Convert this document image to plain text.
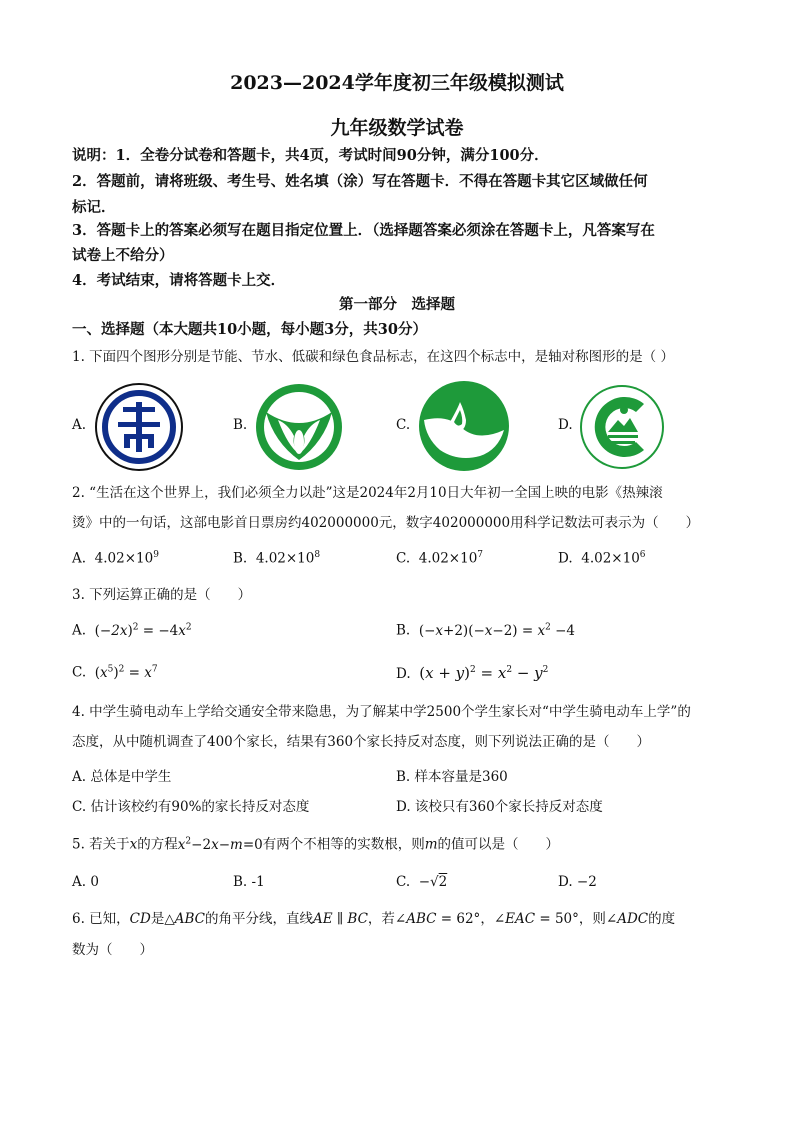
2023—2024学年度初三年级模拟测试
九年级数学试卷
说明：1．全卷分试卷和答题卡，共4页，考试时间90分钟，满分100分．
2．答题前，请将班级、考生号、姓名填（涂）写在答题卡．不得在答题卡其它区域做任何
标记．
3．答题卡上的答案必须写在题目指定位置上．（选择题答案必须涂在答题卡上，凡答案写在
试卷上不给分）
4．考试结束，请将答题卡上交．
第一部分　选择题
一、选择题（本大题共10小题，每小题3分，共30分）
1. 下面四个图形分别是节能、节水、低碳和绿色食品标志，在这四个标志中，是轴对称图形的是（ ）
A.	B.	C.	D.
2. “生活在这个世界上，我们必须全力以赴”这是2024年2月10日大年初一全国上映的电影《热辣滚
烫》中的一句话，这部电影首日票房约402000000元，数字402000000用科学记数法可表示为（　　）
A. $4.02\times 10^9$	B. $4.02\times 10^8$	C. $4.02\times 10^7$	D. $4.02\times 10^6$
3. 下列运算正确的是（　　）
A. $(-2x)^2 = -4x^2$	B. $(-x+2)(-x-2) = x^2 -4$
C. $(x^5)^2 = x^7$	D. $(x + y)^2 = x^2 - y^2$
4. 中学生骑电动车上学给交通安全带来隐患，为了解某中学2500个学生家长对“中学生骑电动车上学”的
态度，从中随机调查了400个家长，结果有360个家长持反对态度，则下列说法正确的是（　　）
A. 总体是中学生	B. 样本容量是360
C. 估计该校约有90%的家长持反对态度	D. 该校只有360个家长持反对态度
5. 若关于x的方程$x^2-2x-m=0$有两个不相等的实数根，则m的值可以是（　　）
A. 0	B. -1	C.  −√2	D. −2
6. 已知，CD是△ABC的角平分线，直线AE ∥ BC，若∠ABC = 62°，∠EAC = 50°，则∠ADC的度
数为（　　）
